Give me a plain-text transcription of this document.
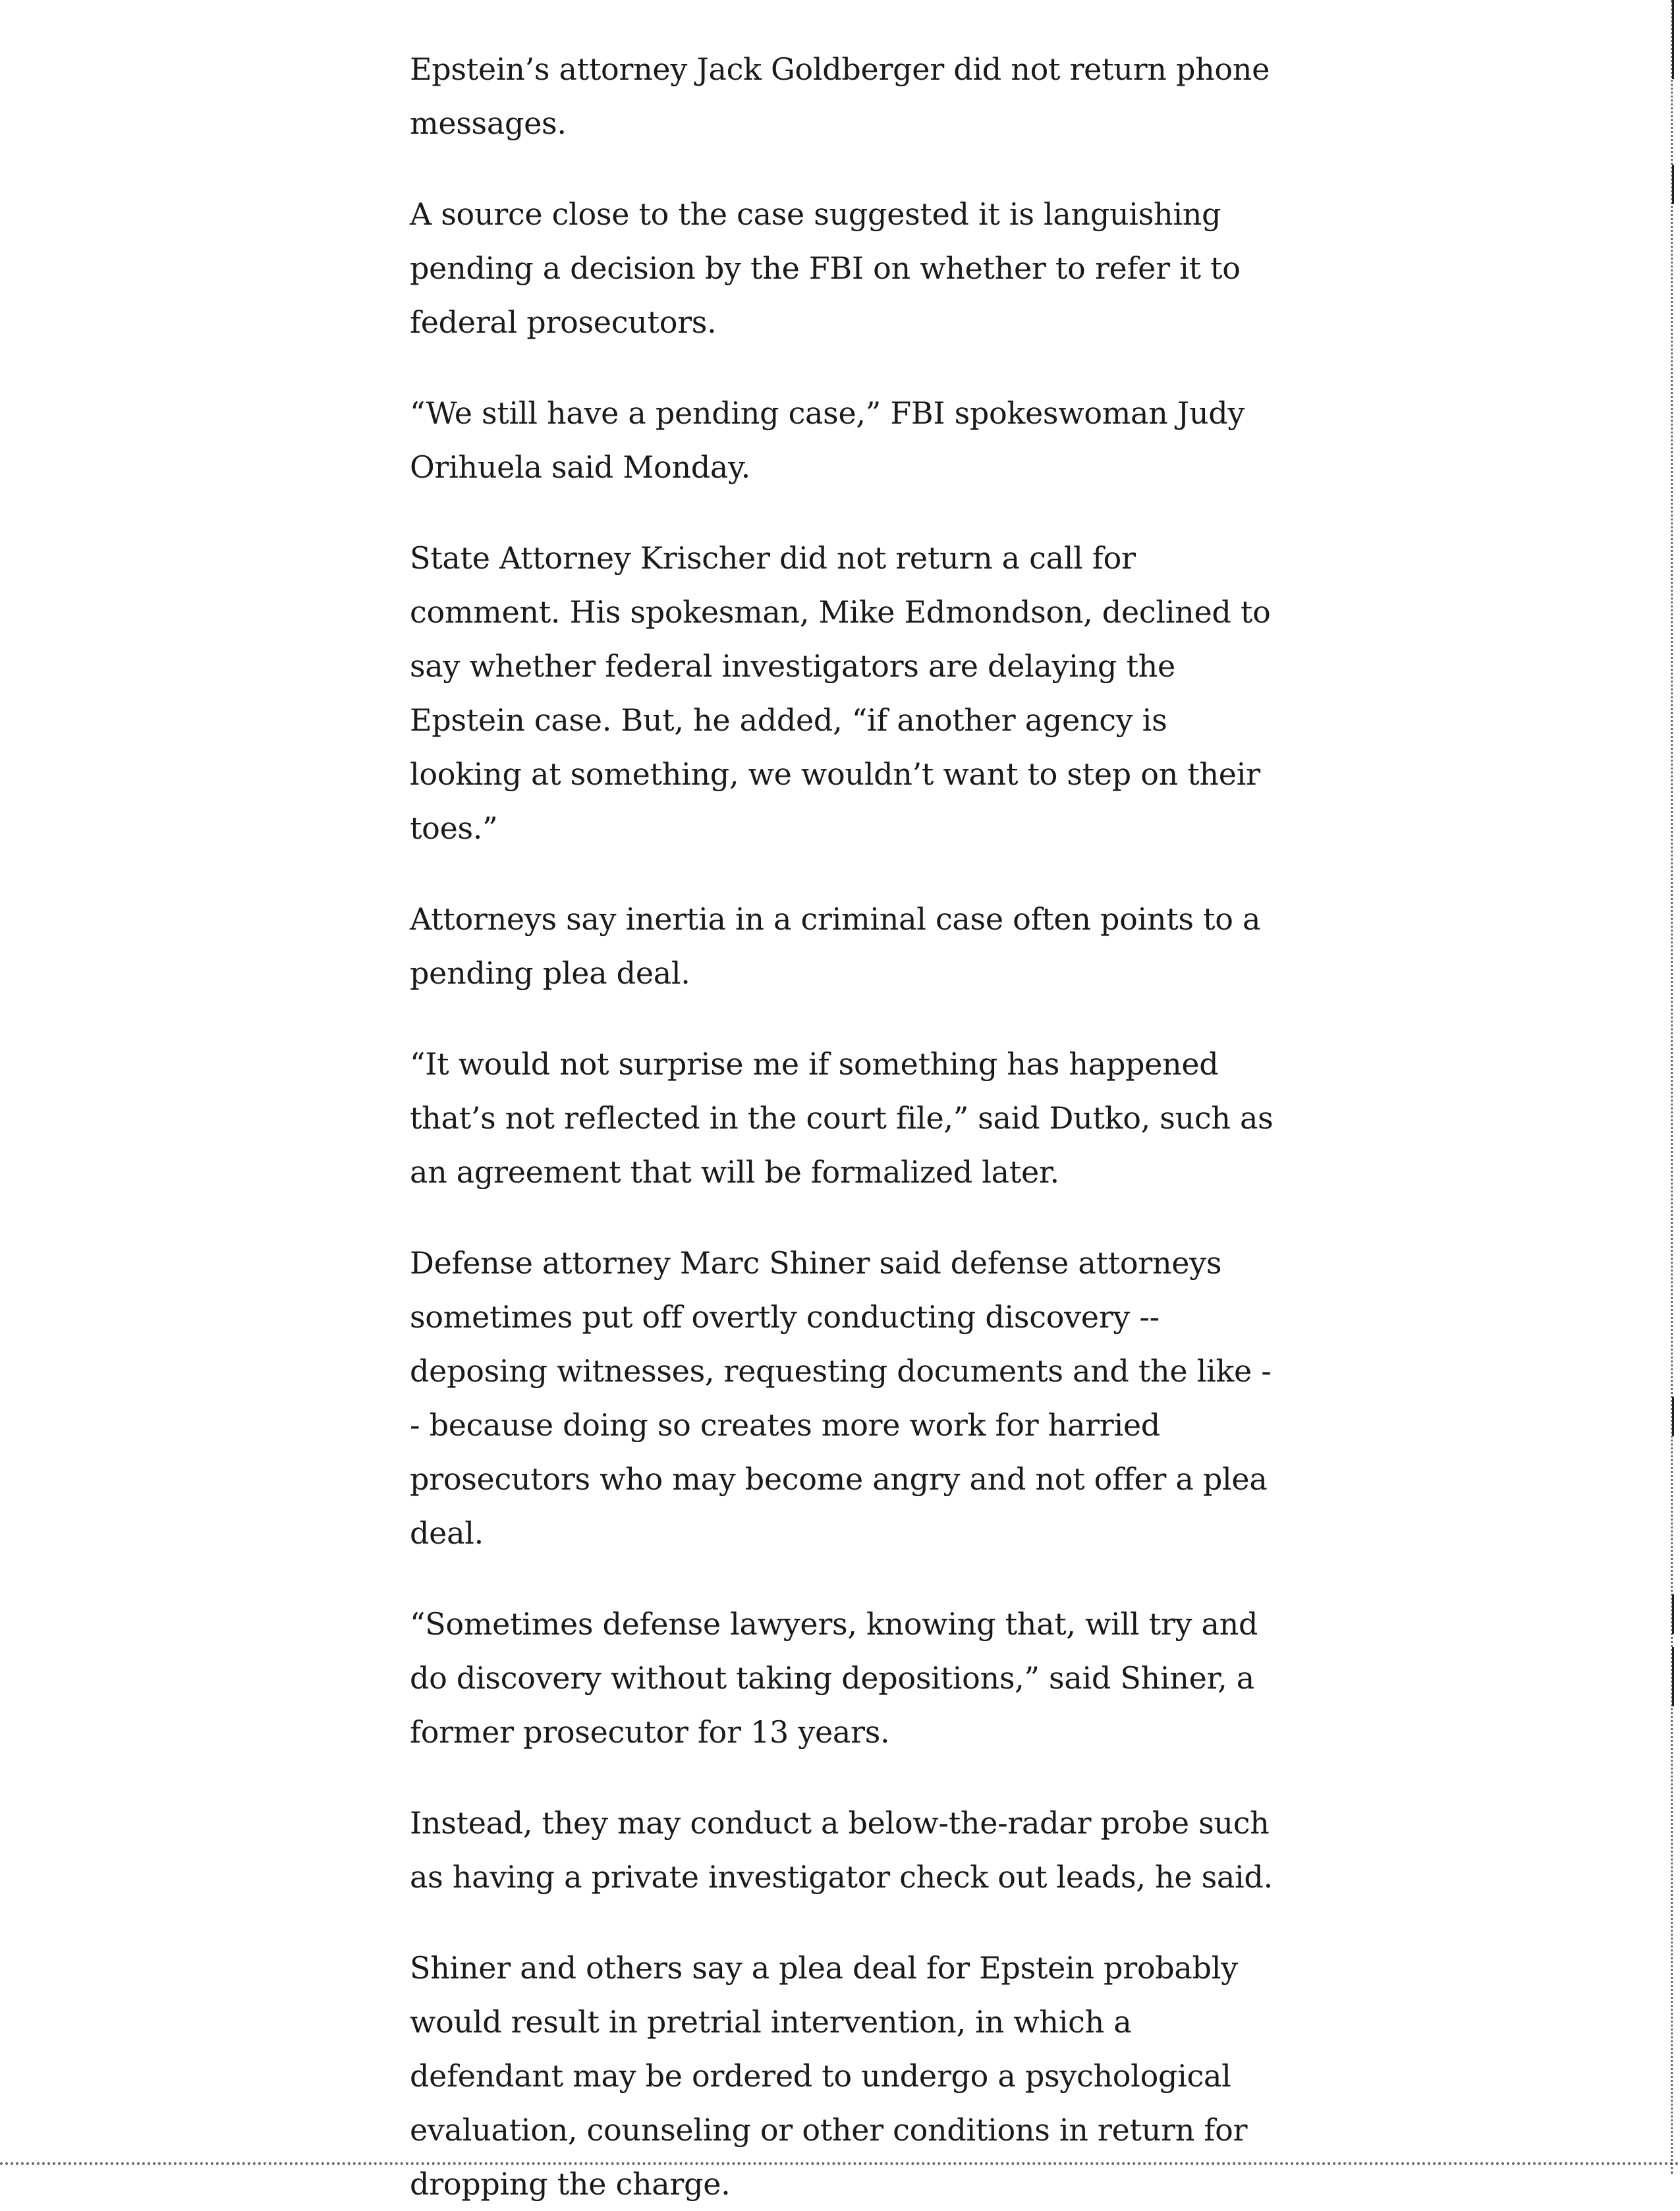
Epstein’s attorney Jack Goldberger did not return phone messages.

A source close to the case suggested it is languishing pending a decision by the FBI on whether to refer it to federal prosecutors.

“We still have a pending case,” FBI spokeswoman Judy Orihuela said Monday.

State Attorney Krischer did not return a call for comment. His spokesman, Mike Edmondson, declined to say whether federal investigators are delaying the Epstein case. But, he added, “if another agency is looking at something, we wouldn’t want to step on their toes.”

Attorneys say inertia in a criminal case often points to a pending plea deal.

“It would not surprise me if something has happened that’s not reflected in the court file,” said Dutko, such as an agreement that will be formalized later.

Defense attorney Marc Shiner said defense attorneys sometimes put off overtly conducting discovery -- deposing witnesses, requesting documents and the like -- because doing so creates more work for harried prosecutors who may become angry and not offer a plea deal.

“Sometimes defense lawyers, knowing that, will try and do discovery without taking depositions,” said Shiner, a former prosecutor for 13 years.

Instead, they may conduct a below-the-radar probe such as having a private investigator check out leads, he said.

Shiner and others say a plea deal for Epstein probably would result in pretrial intervention, in which a defendant may be ordered to undergo a psychological evaluation, counseling or other conditions in return for dropping the charge.
